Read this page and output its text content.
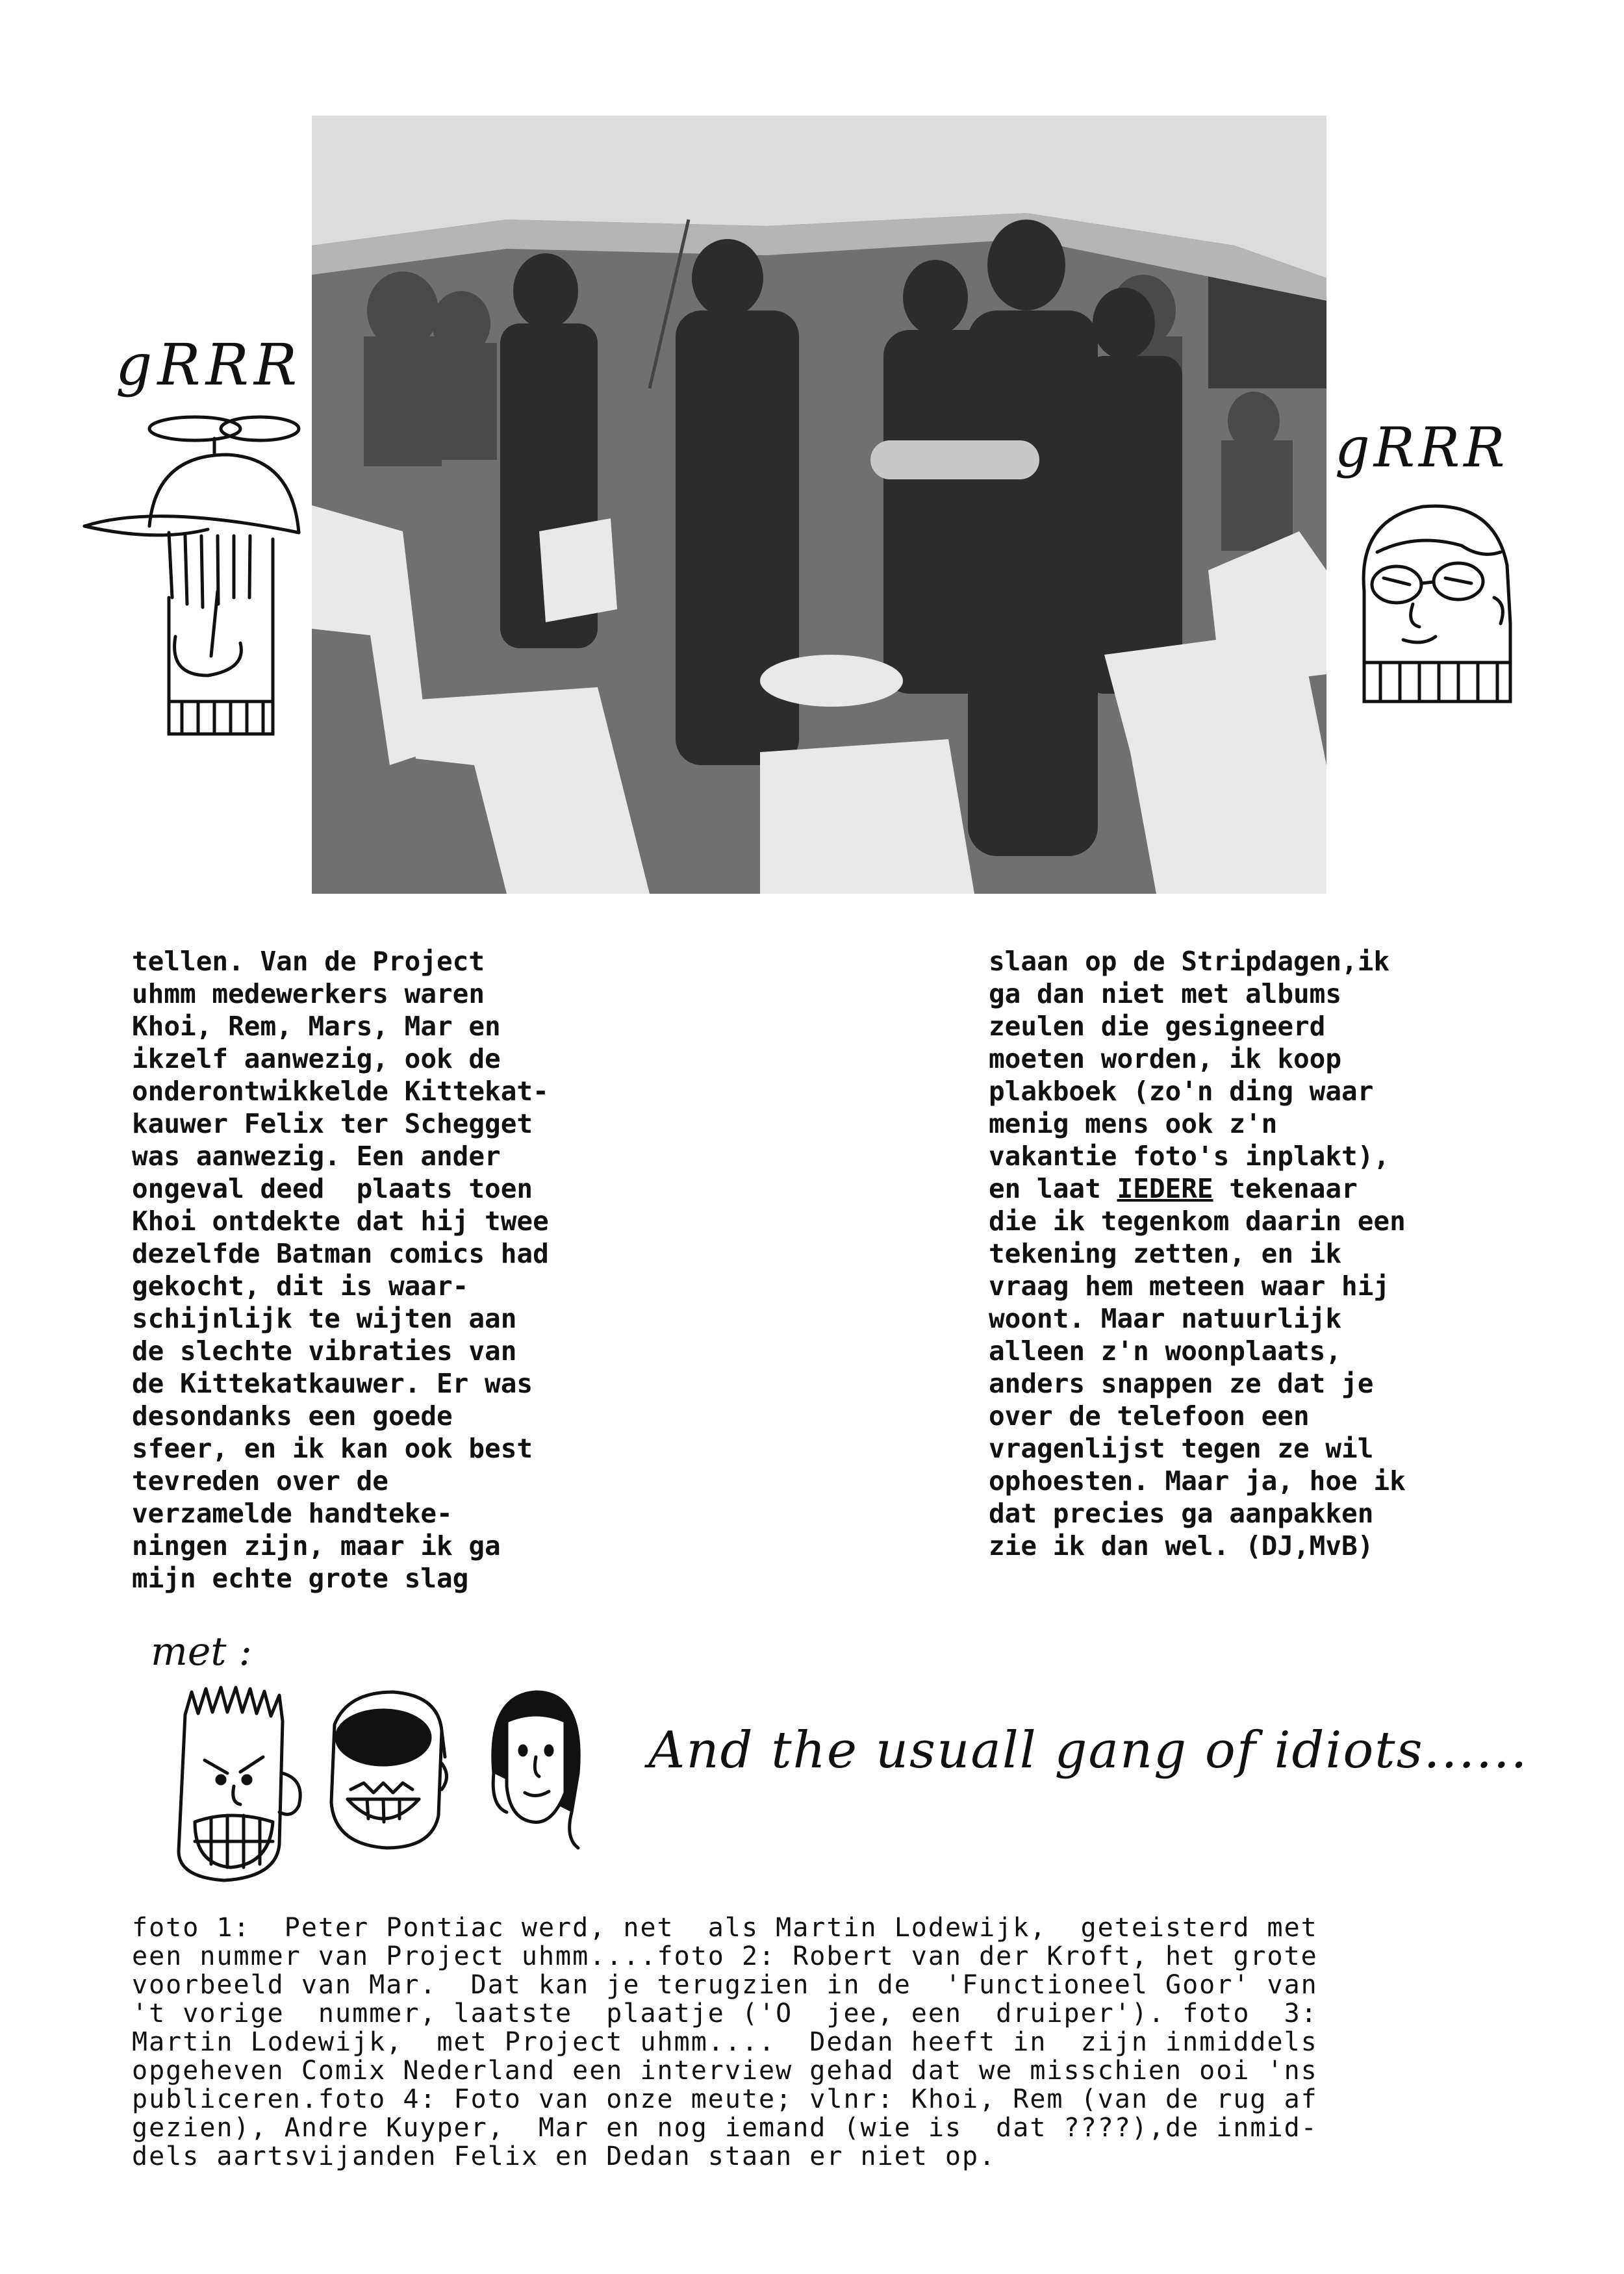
gRRR
gRRR
tellen. Van de Project
uhmm medewerkers waren
Khoi, Rem, Mars, Mar en
ikzelf aanwezig, ook de
onderontwikkelde Kittekat-
kauwer Felix ter Schegget
was aanwezig. Een ander
ongeval deed  plaats toen
Khoi ontdekte dat hij twee
dezelfde Batman comics had
gekocht, dit is waar-
schijnlijk te wijten aan
de slechte vibraties van
de Kittekatkauwer. Er was
desondanks een goede
sfeer, en ik kan ook best
tevreden over de
verzamelde handteke-
ningen zijn, maar ik ga
mijn echte grote slag
slaan op de Stripdagen,ik
ga dan niet met albums
zeulen die gesigneerd
moeten worden, ik koop
plakboek (zo'n ding waar
menig mens ook z'n
vakantie foto's inplakt),
en laat IEDERE tekenaar
die ik tegenkom daarin een
tekening zetten, en ik
vraag hem meteen waar hij
woont. Maar natuurlijk
alleen z'n woonplaats,
anders snappen ze dat je
over de telefoon een
vragenlijst tegen ze wil
ophoesten. Maar ja, hoe ik
dat precies ga aanpakken
zie ik dan wel. (DJ,MvB)
met :
And the usuall gang of idiots......
foto 1:  Peter Pontiac werd, net  als Martin Lodewijk,  geteisterd met
een nummer van Project uhmm....foto 2: Robert van der Kroft, het grote
voorbeeld van Mar.  Dat kan je terugzien in de  'Functioneel Goor' van
't vorige  nummer, laatste  plaatje ('O  jee, een  druiper'). foto  3:
Martin Lodewijk,  met Project uhmm....  Dedan heeft in  zijn inmiddels
opgeheven Comix Nederland een interview gehad dat we misschien ooi 'ns
publiceren.foto 4: Foto van onze meute; vlnr: Khoi, Rem (van de rug af
gezien), Andre Kuyper,  Mar en nog iemand (wie is  dat ????),de inmid-
dels aartsvijanden Felix en Dedan staan er niet op.
